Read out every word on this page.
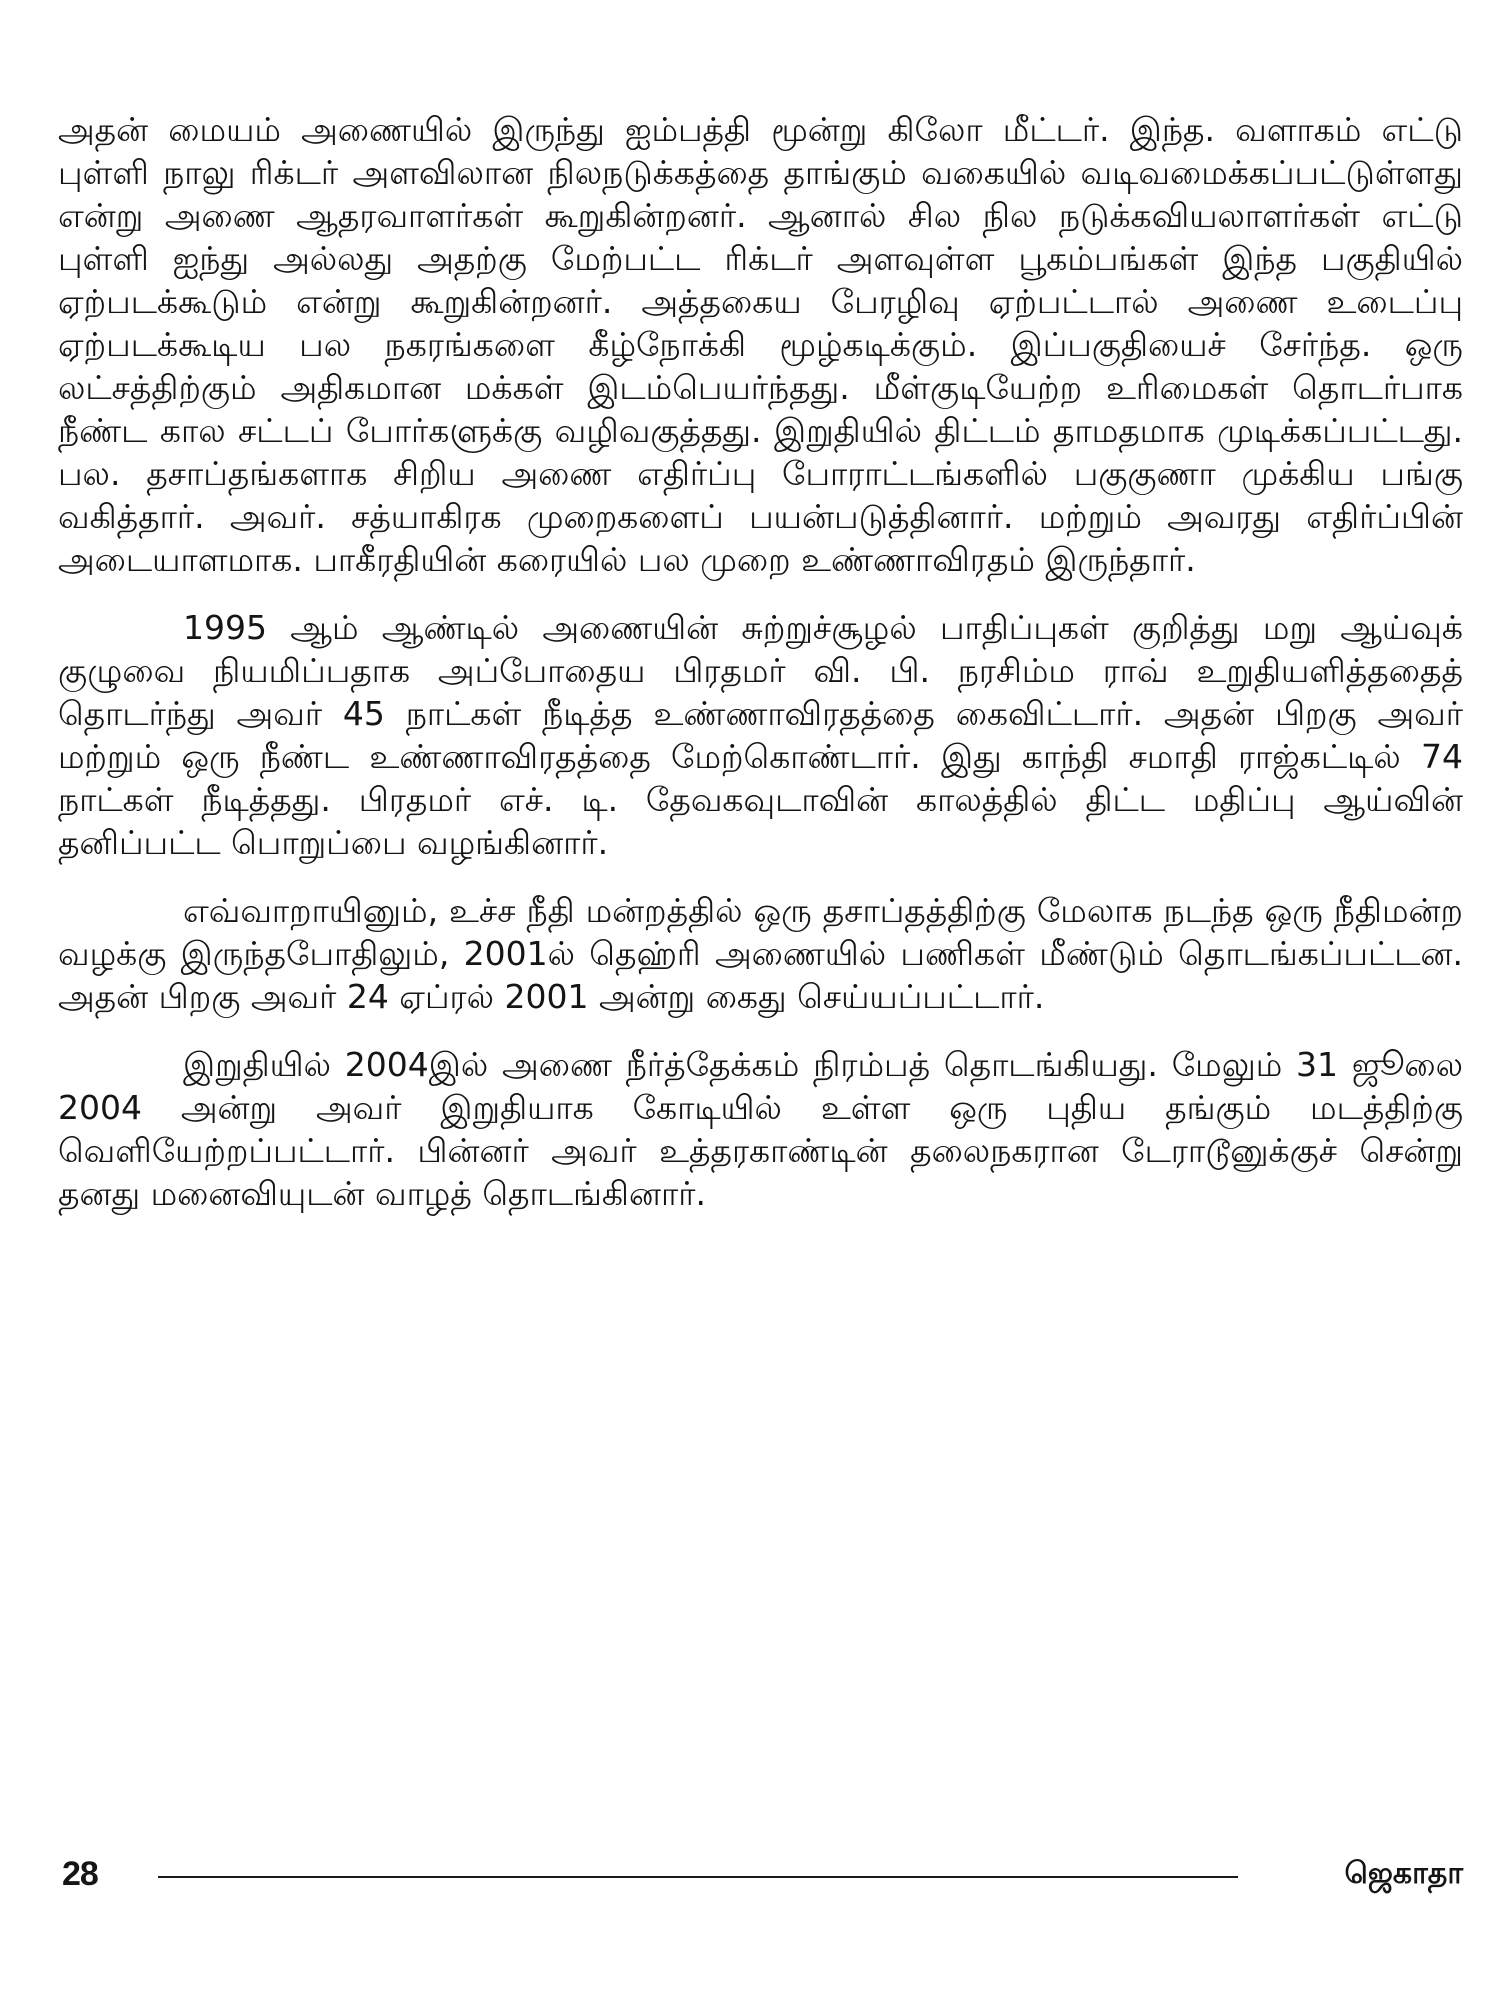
அதன் மையம் அணையில் இருந்து ஐம்பத்தி மூன்று கிலோ மீட்டர். இந்த. வளாகம் எட்டு புள்ளி நாலு ரிக்டர் அளவிலான நிலநடுக்கத்தை தாங்கும் வகையில் வடிவமைக்கப்பட்டுள்ளது என்று அணை ஆதரவாளர்கள் கூறுகின்றனர். ஆனால் சில நில நடுக்கவியலாளர்கள் எட்டு புள்ளி ஐந்து அல்லது அதற்கு மேற்பட்ட ரிக்டர் அளவுள்ள பூகம்பங்கள் இந்த பகுதியில் ஏற்படக்கூடும் என்று கூறுகின்றனர். அத்தகைய பேரழிவு ஏற்பட்டால் அணை உடைப்பு ஏற்படக்கூடிய பல நகரங்களை கீழ்நோக்கி மூழ்கடிக்கும். இப்பகுதியைச் சேர்ந்த. ஒரு லட்சத்திற்கும் அதிகமான மக்கள் இடம்பெயர்ந்தது. மீள்குடியேற்ற உரிமைகள் தொடர்பாக நீண்ட கால சட்டப் போர்களுக்கு வழிவகுத்தது. இறுதியில் திட்டம் தாமதமாக முடிக்கப்பட்டது. பல. தசாப்தங்களாக சிறிய அணை எதிர்ப்பு போராட்டங்களில் பகுகுணா முக்கிய பங்கு வகித்தார். அவர். சத்யாகிரக முறைகளைப் பயன்படுத்தினார். மற்றும் அவரது எதிர்ப்பின் அடையாளமாக. பாகீரதியின் கரையில் பல முறை உண்ணாவிரதம் இருந்தார்.

1995 ஆம் ஆண்டில் அணையின் சுற்றுச்சூழல் பாதிப்புகள் குறித்து மறு ஆய்வுக் குழுவை நியமிப்பதாக அப்போதைய பிரதமர் வி. பி. நரசிம்ம ராவ் உறுதியளித்ததைத் தொடர்ந்து அவர் 45 நாட்கள் நீடித்த உண்ணாவிரதத்தை கைவிட்டார். அதன் பிறகு அவர் மற்றும் ஒரு நீண்ட உண்ணாவிரதத்தை மேற்கொண்டார். இது காந்தி சமாதி ராஜ்கட்டில் 74 நாட்கள் நீடித்தது. பிரதமர் எச். டி. தேவகவுடாவின் காலத்தில் திட்ட மதிப்பு ஆய்வின் தனிப்பட்ட பொறுப்பை வழங்கினார்.

எவ்வாறாயினும், உச்ச நீதி மன்றத்தில் ஒரு தசாப்தத்திற்கு மேலாக நடந்த ஒரு நீதிமன்ற வழக்கு இருந்தபோதிலும், 2001ல் தெஹ்ரி அணையில் பணிகள் மீண்டும் தொடங்கப்பட்டன. அதன் பிறகு அவர் 24 ஏப்ரல் 2001 அன்று கைது செய்யப்பட்டார்.

இறுதியில் 2004இல் அணை நீர்த்தேக்கம் நிரம்பத் தொடங்கியது. மேலும் 31 ஜூலை 2004 அன்று அவர் இறுதியாக கோடியில் உள்ள ஒரு புதிய தங்கும் மடத்திற்கு வெளியேற்றப்பட்டார். பின்னர் அவர் உத்தரகாண்டின் தலைநகரான டேராடூனுக்குச் சென்று தனது மனைவியுடன் வாழத் தொடங்கினார்.

28	ஜெகாதா
